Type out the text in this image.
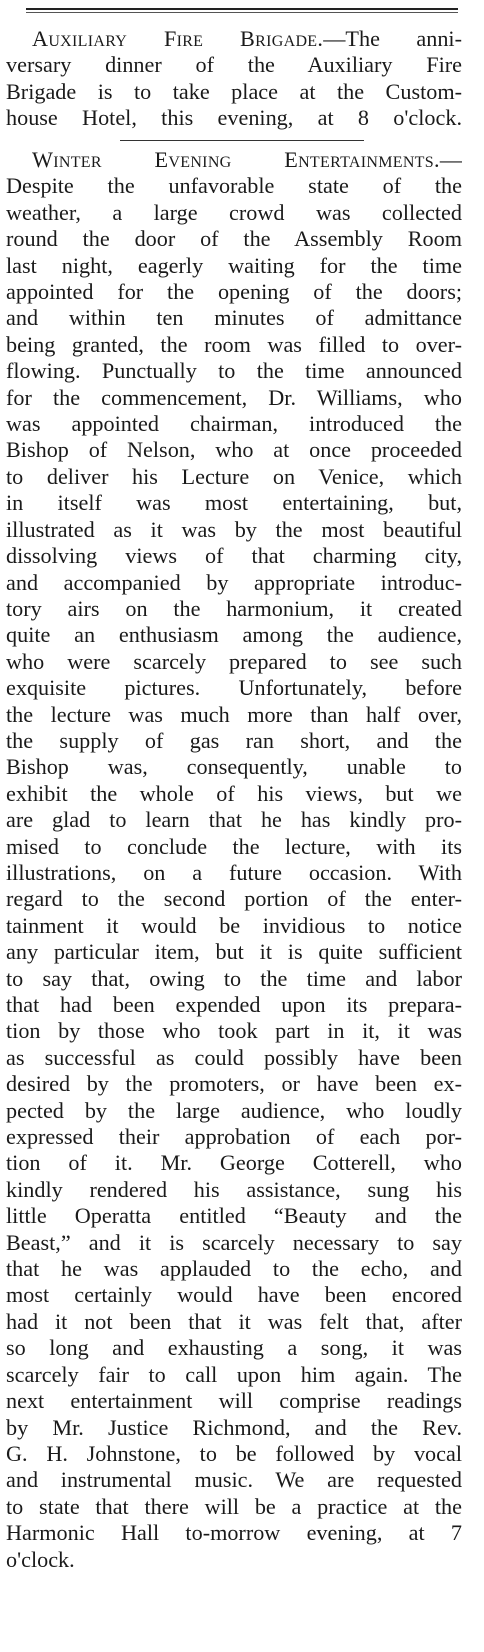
Auxiliary Fire Brigade.—The anni-
versary dinner of the Auxiliary Fire
Brigade is to take place at the Custom-
house Hotel, this evening, at 8 o'clock.
Winter Evening Entertainments.—
Despite the unfavorable state of the
weather, a large crowd was collected
round the door of the Assembly Room
last night, eagerly waiting for the time
appointed for the opening of the doors;
and within ten minutes of admittance
being granted, the room was filled to over-
flowing. Punctually to the time announced
for the commencement, Dr. Williams, who
was appointed chairman, introduced the
Bishop of Nelson, who at once proceeded
to deliver his Lecture on Venice, which
in itself was most entertaining, but,
illustrated as it was by the most beautiful
dissolving views of that charming city,
and accompanied by appropriate introduc-
tory airs on the harmonium, it created
quite an enthusiasm among the audience,
who were scarcely prepared to see such
exquisite pictures. Unfortunately, before
the lecture was much more than half over,
the supply of gas ran short, and the
Bishop was, consequently, unable to
exhibit the whole of his views, but we
are glad to learn that he has kindly pro-
mised to conclude the lecture, with its
illustrations, on a future occasion. With
regard to the second portion of the enter-
tainment it would be invidious to notice
any particular item, but it is quite sufficient
to say that, owing to the time and labor
that had been expended upon its prepara-
tion by those who took part in it, it was
as successful as could possibly have been
desired by the promoters, or have been ex-
pected by the large audience, who loudly
expressed their approbation of each por-
tion of it. Mr. George Cotterell, who
kindly rendered his assistance, sung his
little Operatta entitled “Beauty and the
Beast,” and it is scarcely necessary to say
that he was applauded to the echo, and
most certainly would have been encored
had it not been that it was felt that, after
so long and exhausting a song, it was
scarcely fair to call upon him again. The
next entertainment will comprise readings
by Mr. Justice Richmond, and the Rev.
G. H. Johnstone, to be followed by vocal
and instrumental music. We are requested
to state that there will be a practice at the
Harmonic Hall to-morrow evening, at 7
o'clock.
